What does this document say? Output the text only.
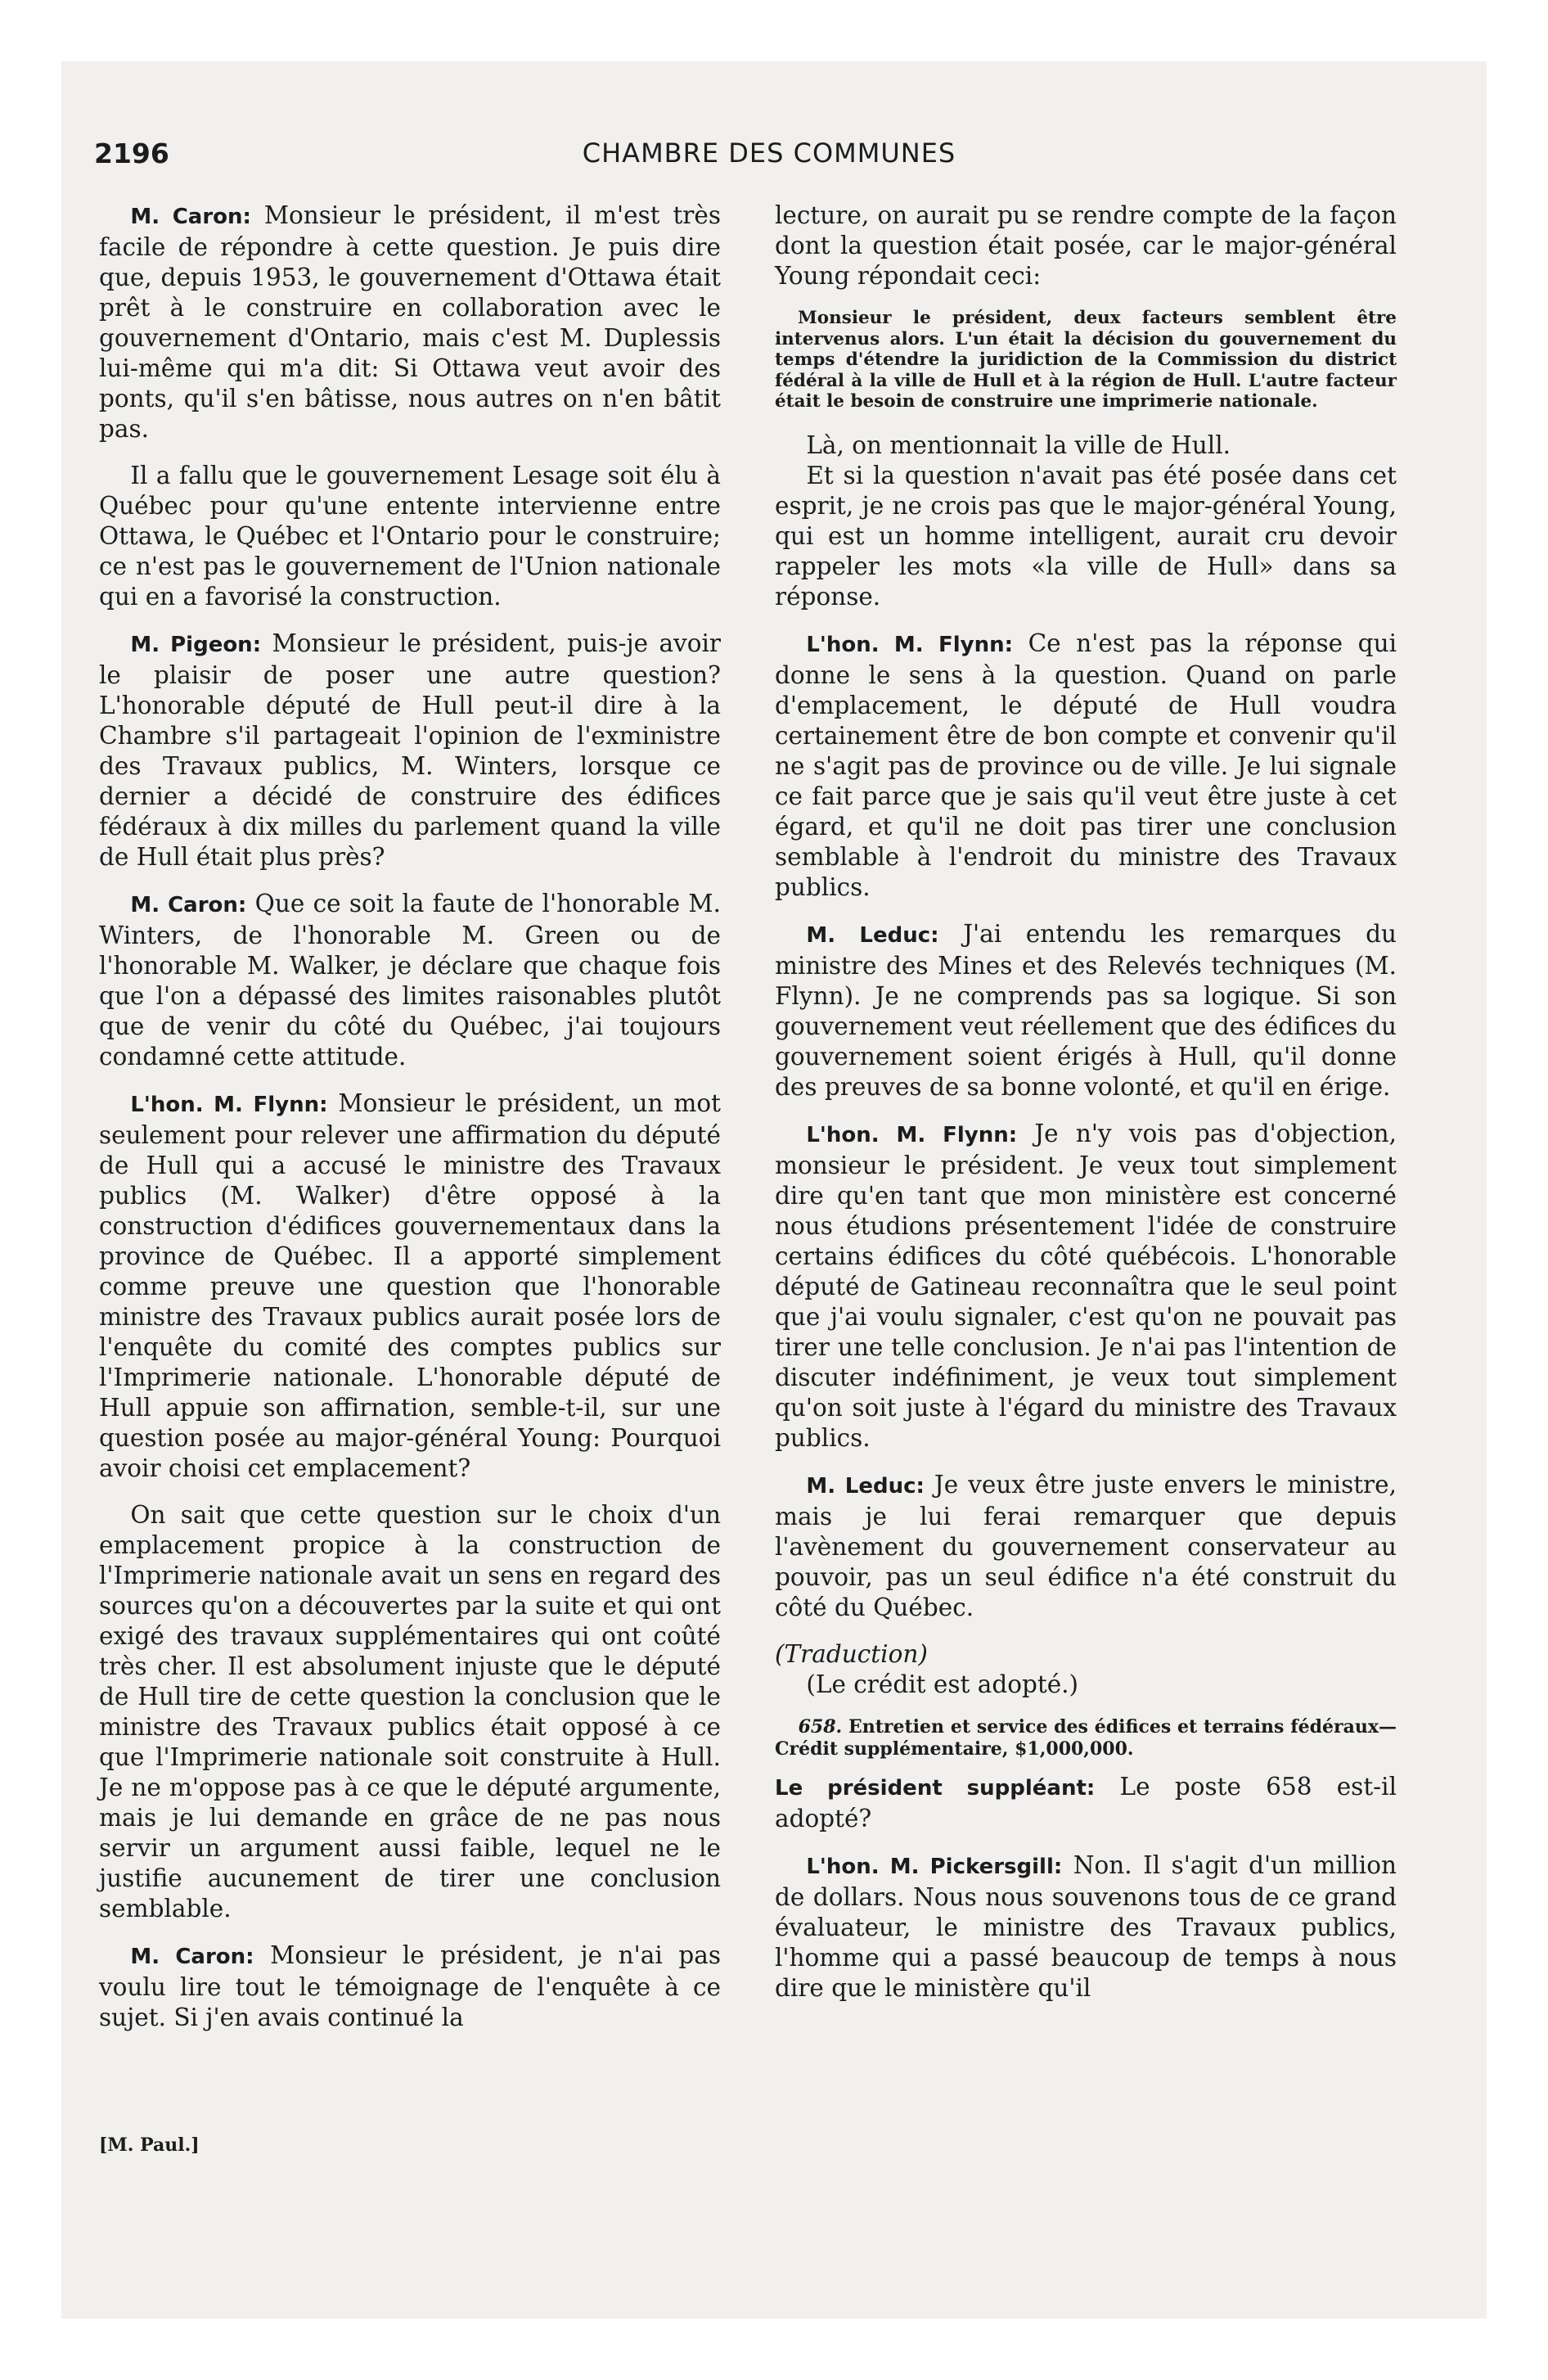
2196	CHAMBRE DES COMMUNES

M. Caron: Monsieur le président, il m'est très facile de répondre à cette question. Je puis dire que, depuis 1953, le gouvernement d'Ottawa était prêt à le construire en collaboration avec le gouvernement d'Ontario, mais c'est M. Duplessis lui-même qui m'a dit: Si Ottawa veut avoir des ponts, qu'il s'en bâtisse, nous autres on n'en bâtit pas.

Il a fallu que le gouvernement Lesage soit élu à Québec pour qu'une entente intervienne entre Ottawa, le Québec et l'Ontario pour le construire; ce n'est pas le gouvernement de l'Union nationale qui en a favorisé la construction.

M. Pigeon: Monsieur le président, puis-je avoir le plaisir de poser une autre question? L'honorable député de Hull peut-il dire à la Chambre s'il partageait l'opinion de l'exministre des Travaux publics, M. Winters, lorsque ce dernier a décidé de construire des édifices fédéraux à dix milles du parlement quand la ville de Hull était plus près?

M. Caron: Que ce soit la faute de l'honorable M. Winters, de l'honorable M. Green ou de l'honorable M. Walker, je déclare que chaque fois que l'on a dépassé des limites raisonables plutôt que de venir du côté du Québec, j'ai toujours condamné cette attitude.

L'hon. M. Flynn: Monsieur le président, un mot seulement pour relever une affirmation du député de Hull qui a accusé le ministre des Travaux publics (M. Walker) d'être opposé à la construction d'édifices gouvernementaux dans la province de Québec. Il a apporté simplement comme preuve une question que l'honorable ministre des Travaux publics aurait posée lors de l'enquête du comité des comptes publics sur l'Imprimerie nationale. L'honorable député de Hull appuie son affirnation, semble-t-il, sur une question posée au major-général Young: Pourquoi avoir choisi cet emplacement?

On sait que cette question sur le choix d'un emplacement propice à la construction de l'Imprimerie nationale avait un sens en regard des sources qu'on a découvertes par la suite et qui ont exigé des travaux supplémentaires qui ont coûté très cher. Il est absolument injuste que le député de Hull tire de cette question la conclusion que le ministre des Travaux publics était opposé à ce que l'Imprimerie nationale soit construite à Hull. Je ne m'oppose pas à ce que le député argumente, mais je lui demande en grâce de ne pas nous servir un argument aussi faible, lequel ne le justifie aucunement de tirer une conclusion semblable.

M. Caron: Monsieur le président, je n'ai pas voulu lire tout le témoignage de l'enquête à ce sujet. Si j'en avais continué la

[M. Paul.]

lecture, on aurait pu se rendre compte de la façon dont la question était posée, car le major-général Young répondait ceci:

Monsieur le président, deux facteurs semblent être intervenus alors. L'un était la décision du gouvernement du temps d'étendre la juridiction de la Commission du district fédéral à la ville de Hull et à la région de Hull. L'autre facteur était le besoin de construire une imprimerie nationale.

Là, on mentionnait la ville de Hull.

Et si la question n'avait pas été posée dans cet esprit, je ne crois pas que le major-général Young, qui est un homme intelligent, aurait cru devoir rappeler les mots «la ville de Hull» dans sa réponse.

L'hon. M. Flynn: Ce n'est pas la réponse qui donne le sens à la question. Quand on parle d'emplacement, le député de Hull voudra certainement être de bon compte et convenir qu'il ne s'agit pas de province ou de ville. Je lui signale ce fait parce que je sais qu'il veut être juste à cet égard, et qu'il ne doit pas tirer une conclusion semblable à l'endroit du ministre des Travaux publics.

M. Leduc: J'ai entendu les remarques du ministre des Mines et des Relevés techniques (M. Flynn). Je ne comprends pas sa logique. Si son gouvernement veut réellement que des édifices du gouvernement soient érigés à Hull, qu'il donne des preuves de sa bonne volonté, et qu'il en érige.

L'hon. M. Flynn: Je n'y vois pas d'objection, monsieur le président. Je veux tout simplement dire qu'en tant que mon ministère est concerné nous étudions présentement l'idée de construire certains édifices du côté québécois. L'honorable député de Gatineau reconnaîtra que le seul point que j'ai voulu signaler, c'est qu'on ne pouvait pas tirer une telle conclusion. Je n'ai pas l'intention de discuter indéfiniment, je veux tout simplement qu'on soit juste à l'égard du ministre des Travaux publics.

M. Leduc: Je veux être juste envers le ministre, mais je lui ferai remarquer que depuis l'avènement du gouvernement conservateur au pouvoir, pas un seul édifice n'a été construit du côté du Québec.

(Traduction)

(Le crédit est adopté.)

658. Entretien et service des édifices et terrains fédéraux—Crédit supplémentaire, $1,000,000.

Le président suppléant: Le poste 658 est-il adopté?

L'hon. M. Pickersgill: Non. Il s'agit d'un million de dollars. Nous nous souvenons tous de ce grand évaluateur, le ministre des Travaux publics, l'homme qui a passé beaucoup de temps à nous dire que le ministère qu'il
